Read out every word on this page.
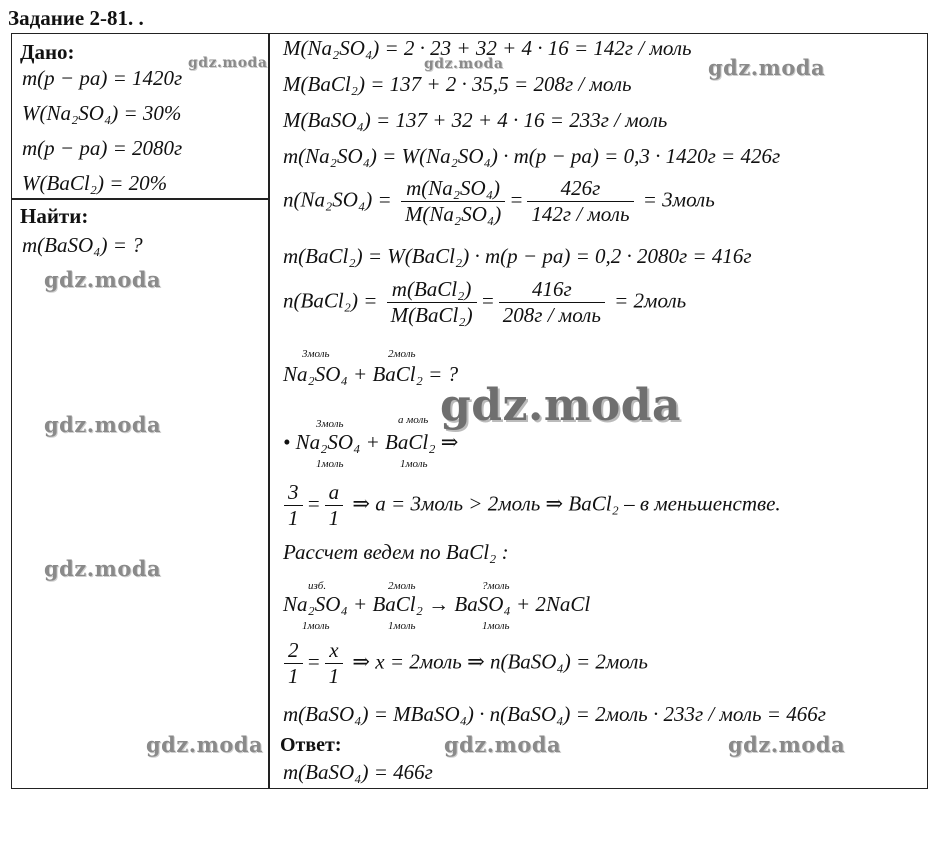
Задание 2-81. .
Дано:
m(p − pa) = 1420г
W(Na₂SO₄) = 30%
m(p − pa) = 2080г
W(BaCl₂) = 20%
Найти:
m(BaSO₄) = ?
M(Na₂SO₄) = 2 · 23 + 32 + 4 · 16 = 142г / моль
M(BaCl₂) = 137 + 2 · 35,5 = 208г / моль
M(BaSO₄) = 137 + 32 + 4 · 16 = 233г / моль
m(Na₂SO₄) = W(Na₂SO₄) · m(p − pa) = 0,3 · 1420г = 426г
$n(Na_2SO_4) = \frac{\text{m(Na₂SO₄)}}{\text{M(Na₂SO₄)}}$ =	426г
142г / моль
= 3моль
m(BaCl₂) = W(BaCl₂) · m(p − pa) = 0,2 · 2080г = 416г
n(BaCl₂) = m(BaCl₂)
M(BaCl₂)
=	416г
208г / моль
= 2моль
3моль	2моль
Na₂SO₄ + BaCl₂ = ?
3моль	a моль
• Na₂SO₄ + BaCl₂ ⇒
1моль	1моль
$\frac{3}{1} = \frac{a}{1}$ ⇒ a = 3моль > 2моль ⇒ BaCl₂ – в меньшенстве.
Рассчет ведем по BaCl₂ :
изб.	2моль	?моль
Na₂SO₄ + BaCl₂ → BaSO₄ + 2NaCl
1моль	1моль	1моль
$\frac{2}{1} = \frac{x}{1}$ ⇒ x = 2моль ⇒ n(BaSO₄) = 2моль
m(BaSO₄) = MBaSO₄) · n(BaSO₄) = 2моль · 233г / моль = 466г
Ответ:
m(BaSO₄) = 466г
gdz.moda
gdz.moda	gdz.moda
gdz.moda
gdz.moda
gdz.moda
gdz.moda
gdz.moda	gdz.moda	gdz.moda
